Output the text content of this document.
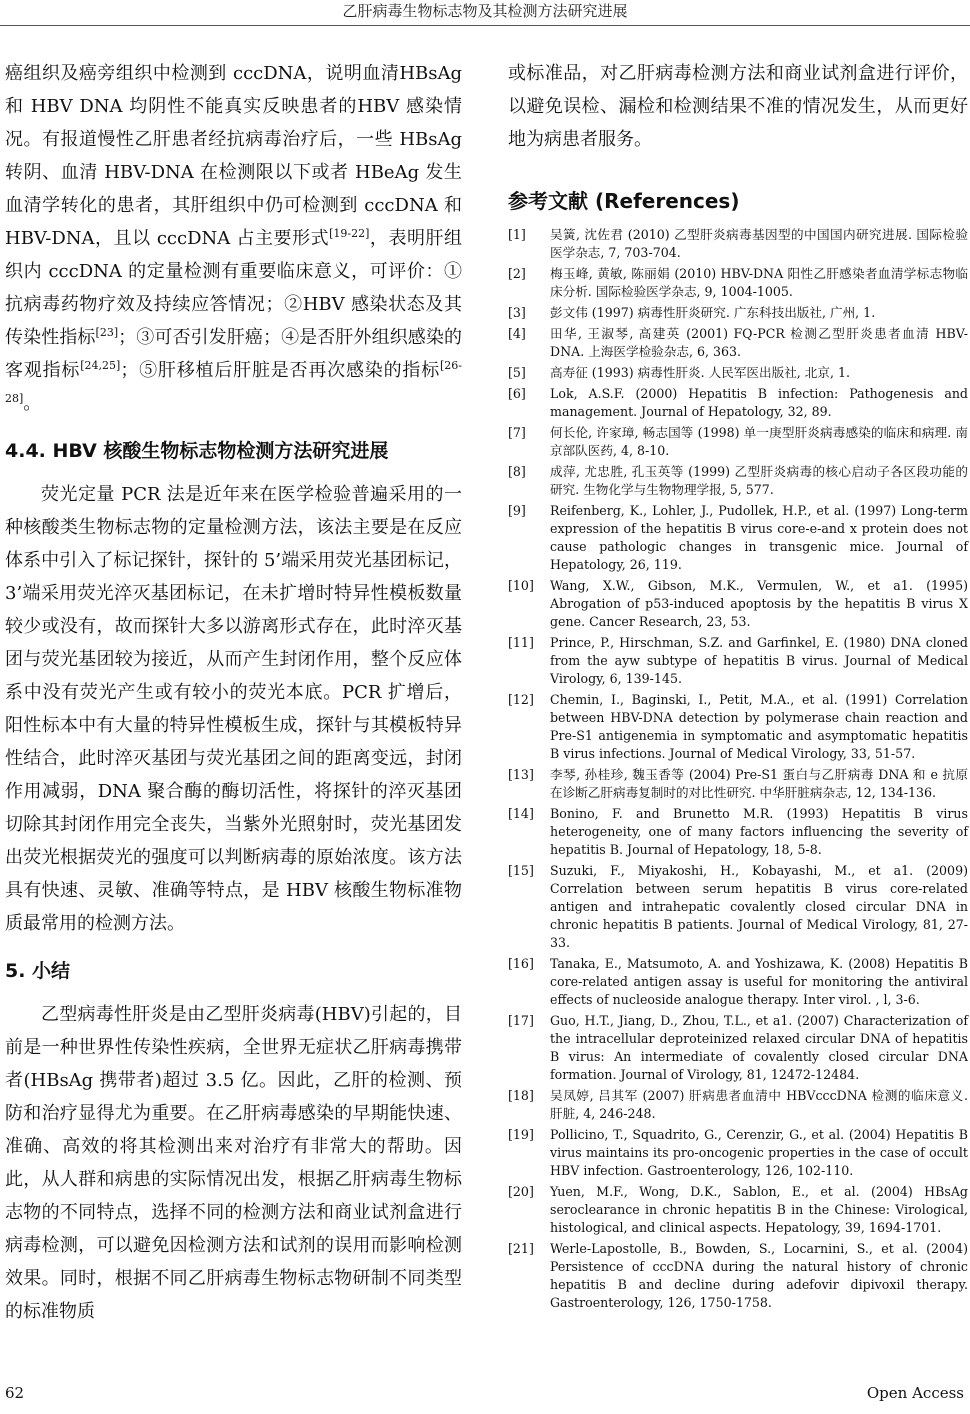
乙肝病毒生物标志物及其检测方法研究进展

癌组织及癌旁组织中检测到 cccDNA，说明血清HBsAg 和 HBV DNA 均阴性不能真实反映患者的HBV 感染情况。有报道慢性乙肝患者经抗病毒治疗后，一些 HBsAg 转阴、血清 HBV-DNA 在检测限以下或者 HBeAg 发生血清学转化的患者，其肝组织中仍可检测到 cccDNA 和 HBV-DNA，且以 cccDNA 占主要形式[19-22]，表明肝组织内 cccDNA 的定量检测有重要临床意义，可评价：①抗病毒药物疗效及持续应答情况；②HBV 感染状态及其传染性指标[23]；③可否引发肝癌；④是否肝外组织感染的客观指标[24,25]；⑤肝移植后肝脏是否再次感染的指标[26-28]。

4.4. HBV 核酸生物标志物检测方法研究进展

荧光定量 PCR 法是近年来在医学检验普遍采用的一种核酸类生物标志物的定量检测方法，该法主要是在反应体系中引入了标记探针，探针的 5’端采用荧光基团标记，3’端采用荧光淬灭基团标记，在未扩增时特异性模板数量较少或没有，故而探针大多以游离形式存在，此时淬灭基团与荧光基团较为接近，从而产生封闭作用，整个反应体系中没有荧光产生或有较小的荧光本底。PCR 扩增后，阳性标本中有大量的特异性模板生成，探针与其模板特异性结合，此时淬灭基团与荧光基团之间的距离变远，封闭作用减弱，DNA 聚合酶的酶切活性，将探针的淬灭基团切除其封闭作用完全丧失，当紫外光照射时，荧光基团发出荧光根据荧光的强度可以判断病毒的原始浓度。该方法具有快速、灵敏、准确等特点，是 HBV 核酸生物标准物质最常用的检测方法。

5. 小结

乙型病毒性肝炎是由乙型肝炎病毒(HBV)引起的，目前是一种世界性传染性疾病，全世界无症状乙肝病毒携带者(HBsAg 携带者)超过 3.5 亿。因此，乙肝的检测、预防和治疗显得尤为重要。在乙肝病毒感染的早期能快速、准确、高效的将其检测出来对治疗有非常大的帮助。因此，从人群和病患的实际情况出发，根据乙肝病毒生物标志物的不同特点，选择不同的检测方法和商业试剂盒进行病毒检测，可以避免因检测方法和试剂的误用而影响检测效果。同时，根据不同乙肝病毒生物标志物研制不同类型的标准物质

或标准品，对乙肝病毒检测方法和商业试剂盒进行评价，以避免误检、漏检和检测结果不准的情况发生，从而更好地为病患者服务。

参考文献 (References)
[1]	吴簧, 沈佐君 (2010) 乙型肝炎病毒基因型的中国国内研究进展. 国际检验医学杂志, 7, 703-704.
[2]	梅玉峰, 黄敏, 陈丽娟 (2010) HBV-DNA 阳性乙肝感染者血清学标志物临床分析. 国际检验医学杂志, 9, 1004-1005.
[3]	彭文伟 (1997) 病毒性肝炎研究. 广东科技出版社, 广州, 1.
[4]	田华, 王淑琴, 高建英 (2001) FQ-PCR 检测乙型肝炎患者血清 HBV-DNA. 上海医学检验杂志, 6, 363.
[5]	高寿征 (1993) 病毒性肝炎. 人民军医出版社, 北京, 1.
[6]	Lok, A.S.F. (2000) Hepatitis B infection: Pathogenesis and management. Journal of Hepatology, 32, 89.
[7]	何长伦, 许家璋, 畅志国等 (1998) 单一庚型肝炎病毒感染的临床和病理. 南京部队医药, 4, 8-10.
[8]	成萍, 尤忠胜, 孔玉英等 (1999) 乙型肝炎病毒的核心启动子各区段功能的研究. 生物化学与生物物理学报, 5, 577.
[9]	Reifenberg, K., Lohler, J., Pudollek, H.P., et al. (1997) Long-term expression of the hepatitis B virus core-e-and x protein does not cause pathologic changes in transgenic mice. Journal of Hepatology, 26, 119.
[10]	Wang, X.W., Gibson, M.K., Vermulen, W., et a1. (1995) Abrogation of p53-induced apoptosis by the hepatitis B virus X gene. Cancer Research, 23, 53.
[11]	Prince, P., Hirschman, S.Z. and Garfinkel, E. (1980) DNA cloned from the ayw subtype of hepatitis B virus. Journal of Medical Virology, 6, 139-145.
[12]	Chemin, I., Baginski, I., Petit, M.A., et al. (1991) Correlation between HBV-DNA detection by polymerase chain reaction and Pre-S1 antigenemia in symptomatic and asymptomatic hepatitis B virus infections. Journal of Medical Virology, 33, 51-57.
[13]	李琴, 孙桂珍, 魏玉香等 (2004) Pre-S1 蛋白与乙肝病毒 DNA 和 e 抗原在诊断乙肝病毒复制时的对比性研究. 中华肝脏病杂志, 12, 134-136.
[14]	Bonino, F. and Brunetto M.R. (1993) Hepatitis B virus heterogeneity, one of many factors influencing the severity of hepatitis B. Journal of Hepatology, 18, 5-8.
[15]	Suzuki, F., Miyakoshi, H., Kobayashi, M., et a1. (2009) Correlation between serum hepatitis B virus core-related antigen and intrahepatic covalently closed circular DNA in chronic hepatitis B patients. Journal of Medical Virology, 81, 27-33.
[16]	Tanaka, E., Matsumoto, A. and Yoshizawa, K. (2008) Hepatitis B core-related antigen assay is useful for monitoring the antiviral effects of nucleoside analogue therapy. Inter virol. , l, 3-6.
[17]	Guo, H.T., Jiang, D., Zhou, T.L., et a1. (2007) Characterization of the intracellular deproteinized relaxed circular DNA of hepatitis B virus: An intermediate of covalently closed circular DNA formation. Journal of Virology, 81, 12472-12484.
[18]	吴凤婷, 吕其军 (2007) 肝病患者血清中 HBVcccDNA 检测的临床意义. 肝脏, 4, 246-248.
[19]	Pollicino, T., Squadrito, G., Cerenzir, G., et al. (2004) Hepatitis B virus maintains its pro-oncogenic properties in the case of occult HBV infection. Gastroenterology, 126, 102-110.
[20]	Yuen, M.F., Wong, D.K., Sablon, E., et al. (2004) HBsAg seroclearance in chronic hepatitis B in the Chinese: Virological, histological, and clinical aspects. Hepatology, 39, 1694-1701.
[21]	Werle-Lapostolle, B., Bowden, S., Locarnini, S., et al. (2004) Persistence of cccDNA during the natural history of chronic hepatitis B and decline during adefovir dipivoxil therapy. Gastroenterology, 126, 1750-1758.
62	Open Access
